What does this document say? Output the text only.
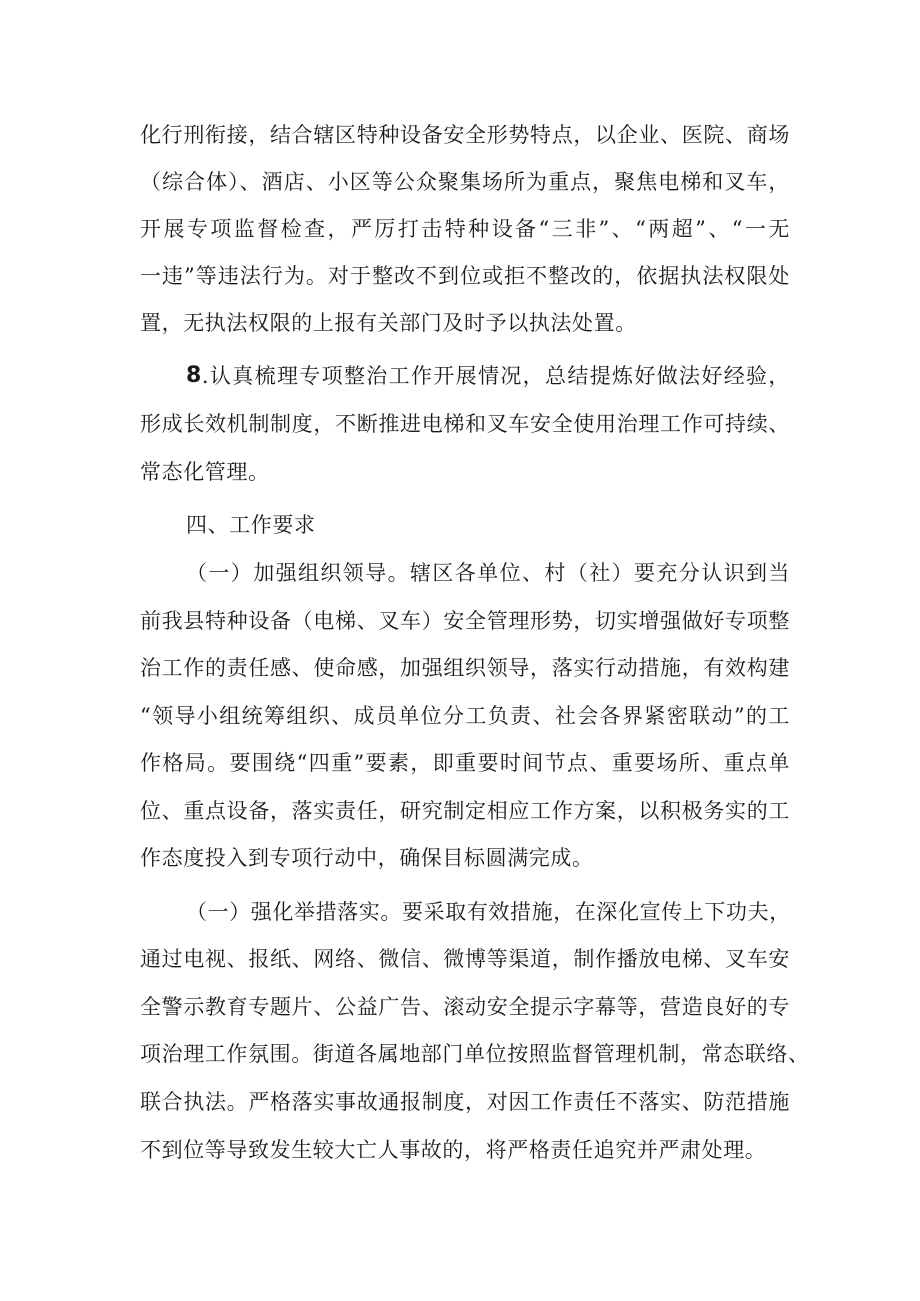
化行刑衔接，结合辖区特种设备安全形势特点，以企业、医院、商场
（综合体）、酒店、小区等公众聚集场所为重点，聚焦电梯和叉车，
开展专项监督检查，严厉打击特种设备“三非”、“两超”、“一无
一违”等违法行为。对于整改不到位或拒不整改的，依据执法权限处
置，无执法权限的上报有关部门及时予以执法处置。
8 .认真梳理专项整治工作开展情况，总结提炼好做法好经验，
形成长效机制制度，不断推进电梯和叉车安全使用治理工作可持续、
常态化管理。
四、工作要求
（一）加强组织领导。辖区各单位、村（社）要充分认识到当
前我县特种设备（电梯、叉车）安全管理形势，切实增强做好专项整
治工作的责任感、使命感，加强组织领导，落实行动措施，有效构建
“领导小组统筹组织、成员单位分工负责、社会各界紧密联动”的工
作格局。要围绕“四重”要素，即重要时间节点、重要场所、重点单
位、重点设备，落实责任，研究制定相应工作方案，以积极务实的工
作态度投入到专项行动中，确保目标圆满完成。
（一）强化举措落实。要采取有效措施，在深化宣传上下功夫，
通过电视、报纸、网络、微信、微博等渠道，制作播放电梯、叉车安
全警示教育专题片、公益广告、滚动安全提示字幕等，营造良好的专
项治理工作氛围。街道各属地部门单位按照监督管理机制，常态联络、
联合执法。严格落实事故通报制度，对因工作责任不落实、防范措施
不到位等导致发生较大亡人事故的，将严格责任追究并严肃处理。
